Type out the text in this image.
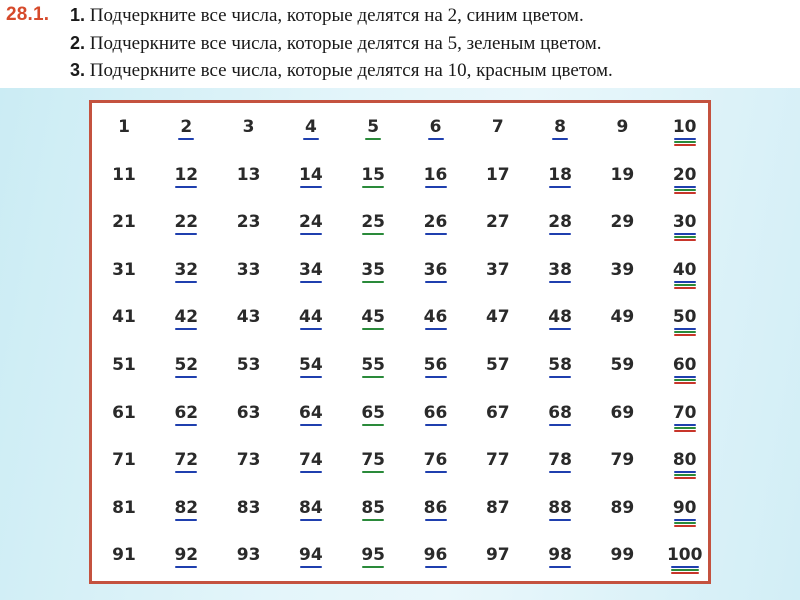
28.1. 1. Подчеркните все числа, которые делятся на 2, синим цветом.
2. Подчеркните все числа, которые делятся на 5, зеленым цветом.
3. Подчеркните все числа, которые делятся на 10, красным цветом.
1	2	3	4	5	6	7	8	9	10
11	12	13	14	15	16	17	18	19	20
21	22	23	24	25	26	27	28	29	30
31	32	33	34	35	36	37	38	39	40
41	42	43	44	45	46	47	48	49	50
51	52	53	54	55	56	57	58	59	60
61	62	63	64	65	66	67	68	69	70
71	72	73	74	75	76	77	78	79	80
81	82	83	84	85	86	87	88	89	90
91	92	93	94	95	96	97	98	99	100
